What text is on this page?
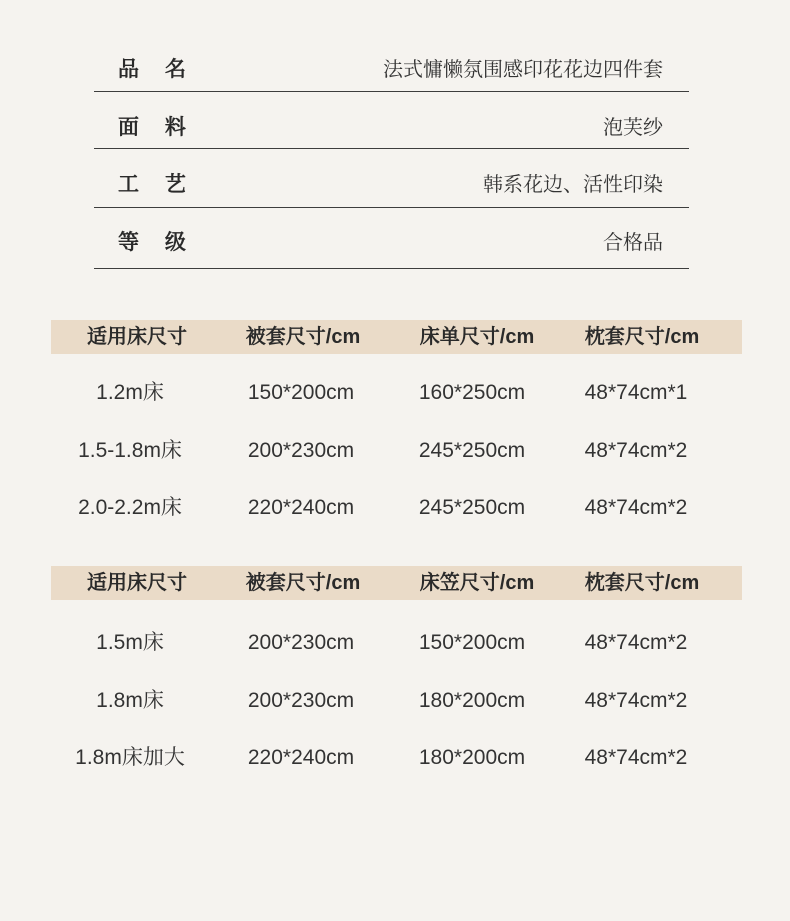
品 名	法式慵懒氛围感印花花边四件套
面 料	泡芙纱
工 艺	韩系花边、活性印染
等 级	合格品
适用床尺寸	被套尺寸/cm	床单尺寸/cm	枕套尺寸/cm
1.2m床	150*200cm	160*250cm	48*74cm*1
1.5-1.8m床	200*230cm	245*250cm	48*74cm*2
2.0-2.2m床	220*240cm	245*250cm	48*74cm*2
适用床尺寸	被套尺寸/cm	床笠尺寸/cm	枕套尺寸/cm
1.5m床	200*230cm	150*200cm	48*74cm*2
1.8m床	200*230cm	180*200cm	48*74cm*2
1.8m床加大	220*240cm	180*200cm	48*74cm*2
